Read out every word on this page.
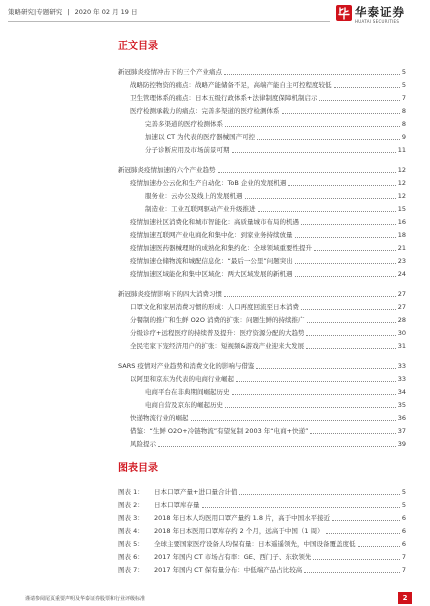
策略研究|专题研究 | 2020 年 02 月 19 日	华泰证券
HUATAI SECURITIES
正文目录
新冠肺炎疫情冲击下的三个产业痛点	5
战略防控物资的痛点：战略产能储备不足，高端产能自主可控程度较低	5
卫生管理体系的痛点：日本五级行政体系+法律制度保障机制启示	7
医疗检测承载力的痛点：完善多渠道的医疗检测体系	8
完善多渠道的医疗检测体系	8
加速以 CT 为代表的医疗器械国产可控	9
分子诊断应用及市场前景可期	11
新冠肺炎疫情加速的六个产业趋势	12
疫情加速办公云化和生产自动化：ToB 企业的发展机遇	12
服务业：云办公及线上的发展机遇	12
制造业：工业互联网驱动产业升级推进	15
疫情加速社区消费化和城市智能化：高质量城市布局的机遇	16
疫情加速互联网产业电商化和集中化：到家业务持续放量	18
疫情加速医药器械理财的成熟化和集约化：全球领域重要性提升	21
疫情加速仓储物流和城配信息化：“最后一公里”问题突出	23
疫情加速区域能化和集中区域化：两大区域发展的新机遇	24
新冠肺炎疫情影响下的四大消费习惯	27
口罩文化和家居消费习惯的形成：人口再度回流至日本消费	27
分餐制的推广和生鲜 O2O 消费的扩张：问题生鲜的持续推广	28
分级诊疗+远程医疗的持续普及提升：医疗资源分配的大趋势	30
全民宅家下宠经济用户的扩张：短视频&游戏产业迎来大发展	31
SARS 疫情对产业趋势和消费文化的影响与借鉴	33
以阿里和京东为代表的电商行业崛起	33
电商平台在非典期间崛起历史	34
电商自营及京东的崛起历史	35
快递物流行业的崛起	36
借鉴：“生鲜 O2O+冷链物流”有望复制 2003 年“电商+快递”	37
风险提示	39
图表目录
图表 1：	日本口罩产量+进口量合计值	5
图表 2：	日本口罩库存量	5
图表 3：	2018 年日本人均医用口罩产量约 1.8 片，高于中国水平接近	6
图表 4：	2018 年日本医用口罩库存约 2 个月，远高于中国（1 周）	6
图表 5：	全球主要国家医疗设备人均保有量：日本遥遥领先，中国设备覆盖度低	6
图表 6：	2017 年国内 CT 市场占有率：GE、西门子、东软领先	7
图表 7：	2017 年国内 CT 保有量分布：中低端产品占比较高	7
谨请参阅尾页重要声明及华泰证券股票和行业评级标准	2
